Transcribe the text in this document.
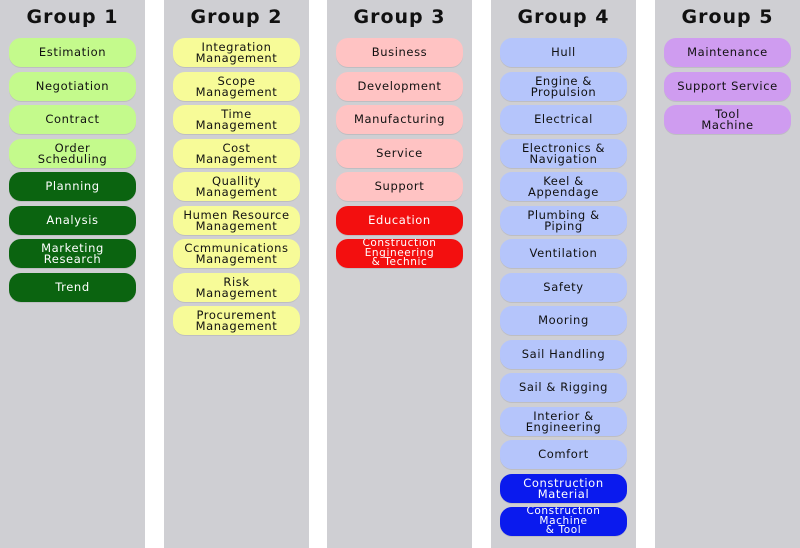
Group 1
Estimation
Negotiation
Contract
Order
Scheduling
Planning
Analysis
Marketing
Research
Trend
Group 2
Integration
Management
Scope
Management
Time
Management
Cost
Management
Quallity
Management
Humen Resource
Management
Ccmmunications
Management
Risk
Management
Procurement
Management
Group 3
Business
Development
Manufacturing
Service
Support
Education
Construction
Engineering
& Technic
Group 4
Hull
Engine &
Propulsion
Electrical
Electronics &
Navigation
Keel &
Appendage
Plumbing &
Piping
Ventilation
Safety
Mooring
Sail Handling
Sail & Rigging
Interior &
Engineering
Comfort
Construction
Material
Construction
Machine
& Tool
Group 5
Maintenance
Support Service
Tool
Machine
